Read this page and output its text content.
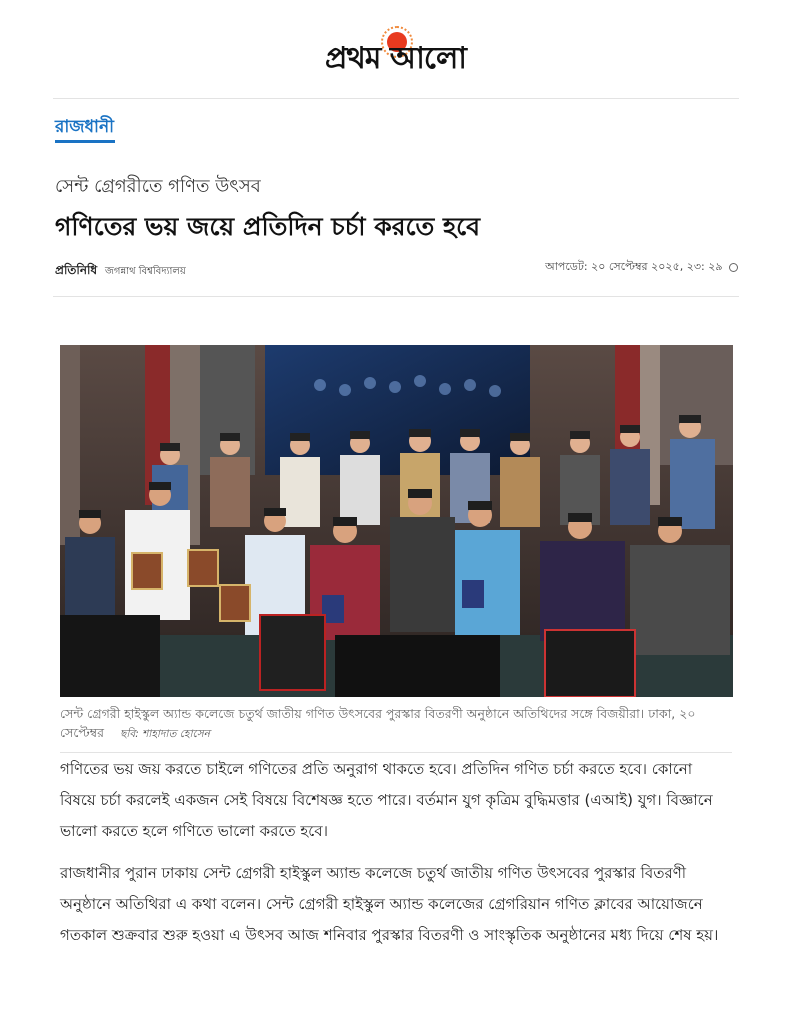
প্রথম আলো
রাজধানী
সেন্ট গ্রেগরীতে গণিত উৎসব
গণিতের ভয় জয়ে প্রতিদিন চর্চা করতে হবে
প্রতিনিধি জগন্নাথ বিশ্ববিদ্যালয়	আপডেট: ২০ সেপ্টেম্বর ২০২৫, ২৩: ২৯
সেন্ট গ্রেগরী হাইস্কুল অ্যান্ড কলেজে চতুর্থ জাতীয় গণিত উৎসবের পুরস্কার বিতরণী অনুষ্ঠানে অতিথিদের সঙ্গে বিজয়ীরা। ঢাকা, ২০ সেপ্টেম্বর ছবি: শাহাদাত হোসেন

গণিতের ভয় জয় করতে চাইলে গণিতের প্রতি অনুরাগ থাকতে হবে। প্রতিদিন গণিত চর্চা করতে হবে। কোনো বিষয়ে চর্চা করলেই একজন সেই বিষয়ে বিশেষজ্ঞ হতে পারে। বর্তমান যুগ কৃত্রিম বুদ্ধিমত্তার (এআই) যুগ। বিজ্ঞানে ভালো করতে হলে গণিতে ভালো করতে হবে।

রাজধানীর পুরান ঢাকায় সেন্ট গ্রেগরী হাইস্কুল অ্যান্ড কলেজে চতুর্থ জাতীয় গণিত উৎসবের পুরস্কার বিতরণী অনুষ্ঠানে অতিথিরা এ কথা বলেন। সেন্ট গ্রেগরী হাইস্কুল অ্যান্ড কলেজের গ্রেগরিয়ান গণিত ক্লাবের আয়োজনে গতকাল শুক্রবার শুরু হওয়া এ উৎসব আজ শনিবার পুরস্কার বিতরণী ও সাংস্কৃতিক অনুষ্ঠানের মধ্য দিয়ে শেষ হয়।
